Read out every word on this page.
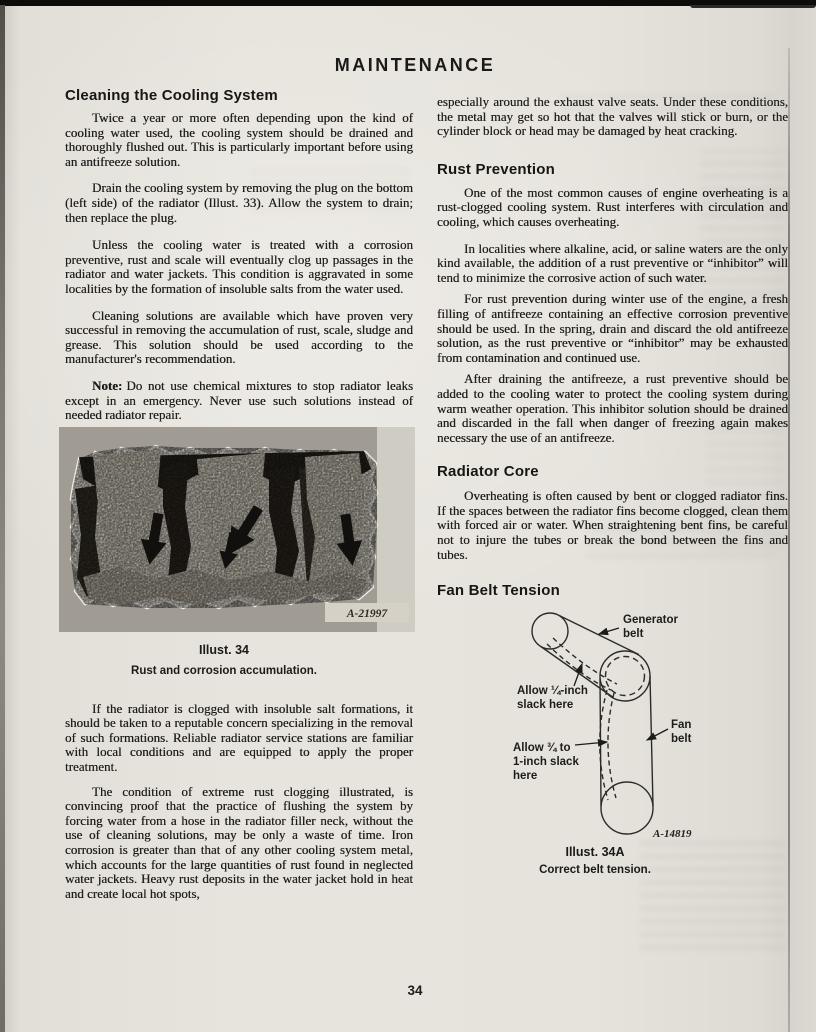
MAINTENANCE
Cleaning the Cooling System

Twice a year or more often depending upon the kind of cooling water used, the cooling system should be drained and thoroughly flushed out. This is particularly important before using an antifreeze solution.

Drain the cooling system by removing the plug on the bottom (left side) of the radiator (Illust. 33). Allow the system to drain; then replace the plug.

Unless the cooling water is treated with a corrosion preventive, rust and scale will eventually clog up passages in the radiator and water jackets. This condition is aggravated in some localities by the formation of insoluble salts from the water used.

Cleaning solutions are available which have proven very successful in removing the accumulation of rust, scale, sludge and grease. This solution should be used according to the manufacturer's recommendation.

Note: Do not use chemical mixtures to stop radiator leaks except in an emergency. Never use such solutions instead of needed radiator repair.

A-21997
Illust. 34
Rust and corrosion accumulation.

If the radiator is clogged with insoluble salt formations, it should be taken to a reputable concern specializing in the removal of such formations. Reliable radiator service stations are familiar with local conditions and are equipped to apply the proper treatment.

The condition of extreme rust clogging illustrated, is convincing proof that the practice of flushing the system by forcing water from a hose in the radiator filler neck, without the use of cleaning solutions, may be only a waste of time. Iron corrosion is greater than that of any other cooling system metal, which accounts for the large quantities of rust found in neglected water jackets. Heavy rust deposits in the water jacket hold in heat and create local hot spots,

especially around the exhaust valve seats. Under these conditions, the metal may get so hot that the valves will stick or burn, or the cylinder block or head may be damaged by heat cracking.

Rust Prevention

One of the most common causes of engine overheating is a rust-clogged cooling system. Rust interferes with circulation and cooling, which causes overheating.

In localities where alkaline, acid, or saline waters are the only kind available, the addition of a rust preventive or “inhibitor” will tend to minimize the corrosive action of such water.

For rust prevention during winter use of the engine, a fresh filling of antifreeze containing an effective corrosion preventive should be used. In the spring, drain and discard the old antifreeze solution, as the rust preventive or “inhibitor” may be exhausted from contamination and continued use.

After draining the antifreeze, a rust preventive should be added to the cooling water to protect the cooling system during warm weather operation. This inhibitor solution should be drained and discarded in the fall when danger of freezing again makes necessary the use of an antifreeze.

Radiator Core

Overheating is often caused by bent or clogged radiator fins. If the spaces between the radiator fins become clogged, clean them with forced air or water. When straightening bent fins, be careful not to injure the tubes or break the bond between the fins and tubes.

Fan Belt Tension
Generator
belt
Allow ¼-inch
slack here
Fan
belt
Allow ¾ to
1-inch slack
here
A-14819
Illust. 34A
Correct belt tension.
34
